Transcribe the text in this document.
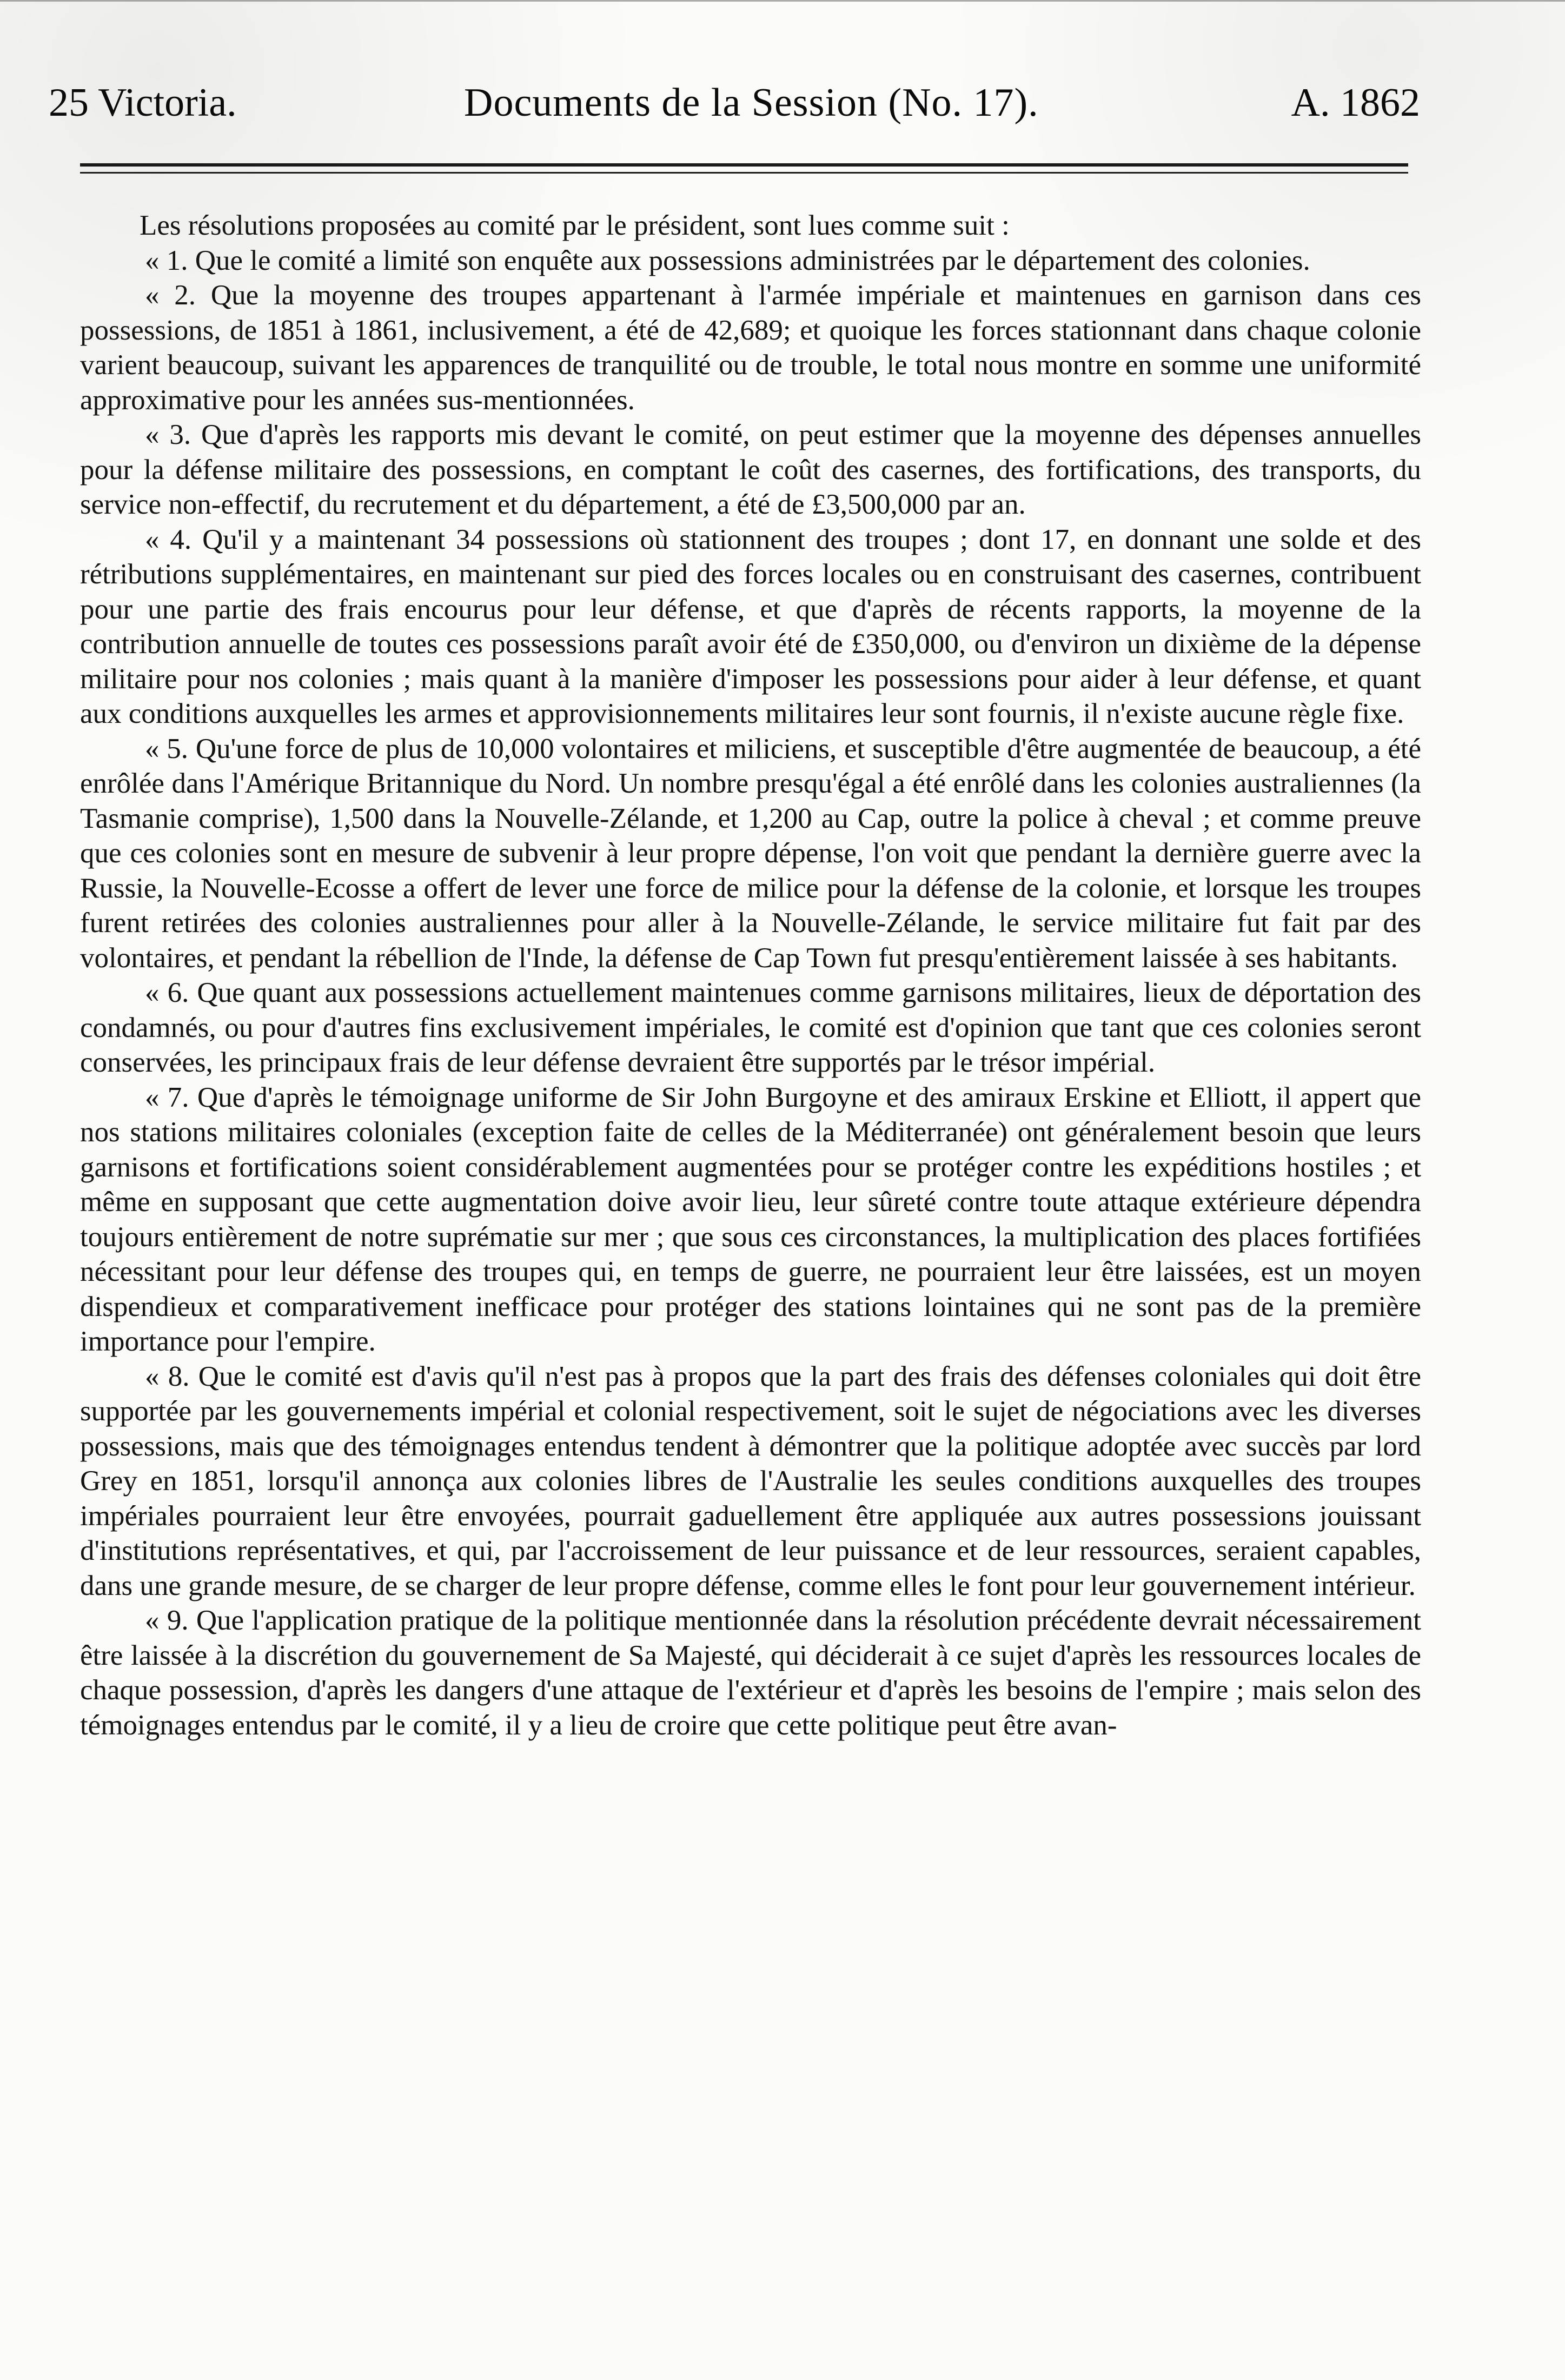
25 Victoria.	Documents de la Session (No. 17).	A. 1862

Les résolutions proposées au comité par le président, sont lues comme suit :

« 1. Que le comité a limité son enquête aux possessions administrées par le département des colonies.

« 2. Que la moyenne des troupes appartenant à l'armée impériale et maintenues en garnison dans ces possessions, de 1851 à 1861, inclusivement, a été de 42,689; et quoique les forces stationnant dans chaque colonie varient beaucoup, suivant les apparences de tranquilité ou de trouble, le total nous montre en somme une uniformité approximative pour les années sus-mentionnées.

« 3. Que d'après les rapports mis devant le comité, on peut estimer que la moyenne des dépenses annuelles pour la défense militaire des possessions, en comptant le coût des casernes, des fortifications, des transports, du service non-effectif, du recrutement et du département, a été de £3,500,000 par an.

« 4. Qu'il y a maintenant 34 possessions où stationnent des troupes ; dont 17, en donnant une solde et des rétributions supplémentaires, en maintenant sur pied des forces locales ou en construisant des casernes, contribuent pour une partie des frais encourus pour leur défense, et que d'après de récents rapports, la moyenne de la contribution annuelle de toutes ces possessions paraît avoir été de £350,000, ou d'environ un dixième de la dépense militaire pour nos colonies ; mais quant à la manière d'imposer les possessions pour aider à leur défense, et quant aux conditions auxquelles les armes et approvisionnements militaires leur sont fournis, il n'existe aucune règle fixe.

« 5. Qu'une force de plus de 10,000 volontaires et miliciens, et susceptible d'être augmentée de beaucoup, a été enrôlée dans l'Amérique Britannique du Nord. Un nombre presqu'égal a été enrôlé dans les colonies australiennes (la Tasmanie comprise), 1,500 dans la Nouvelle-Zélande, et 1,200 au Cap, outre la police à cheval ; et comme preuve que ces colonies sont en mesure de subvenir à leur propre dépense, l'on voit que pendant la dernière guerre avec la Russie, la Nouvelle-Ecosse a offert de lever une force de milice pour la défense de la colonie, et lorsque les troupes furent retirées des colonies australiennes pour aller à la Nouvelle-Zélande, le service militaire fut fait par des volontaires, et pendant la rébellion de l'Inde, la défense de Cap Town fut presqu'entièrement laissée à ses habitants.

« 6. Que quant aux possessions actuellement maintenues comme garnisons militaires, lieux de déportation des condamnés, ou pour d'autres fins exclusivement impériales, le comité est d'opinion que tant que ces colonies seront conservées, les principaux frais de leur défense devraient être supportés par le trésor impérial.

« 7. Que d'après le témoignage uniforme de Sir John Burgoyne et des amiraux Erskine et Elliott, il appert que nos stations militaires coloniales (exception faite de celles de la Méditerranée) ont généralement besoin que leurs garnisons et fortifications soient considérablement augmentées pour se protéger contre les expéditions hostiles ; et même en supposant que cette augmentation doive avoir lieu, leur sûreté contre toute attaque extérieure dépendra toujours entièrement de notre suprématie sur mer ; que sous ces circonstances, la multiplication des places fortifiées nécessitant pour leur défense des troupes qui, en temps de guerre, ne pourraient leur être laissées, est un moyen dispendieux et comparativement inefficace pour protéger des stations lointaines qui ne sont pas de la première importance pour l'empire.

« 8. Que le comité est d'avis qu'il n'est pas à propos que la part des frais des défenses coloniales qui doit être supportée par les gouvernements impérial et colonial respectivement, soit le sujet de négociations avec les diverses possessions, mais que des témoignages entendus tendent à démontrer que la politique adoptée avec succès par lord Grey en 1851, lorsqu'il annonça aux colonies libres de l'Australie les seules conditions auxquelles des troupes impériales pourraient leur être envoyées, pourrait gaduellement être appliquée aux autres possessions jouissant d'institutions représentatives, et qui, par l'accroissement de leur puissance et de leur ressources, seraient capables, dans une grande mesure, de se charger de leur propre défense, comme elles le font pour leur gouvernement intérieur.

« 9. Que l'application pratique de la politique mentionnée dans la résolution précédente devrait nécessairement être laissée à la discrétion du gouvernement de Sa Majesté, qui déciderait à ce sujet d'après les ressources locales de chaque possession, d'après les dangers d'une attaque de l'extérieur et d'après les besoins de l'empire ; mais selon des témoignages entendus par le comité, il y a lieu de croire que cette politique peut être avan-
